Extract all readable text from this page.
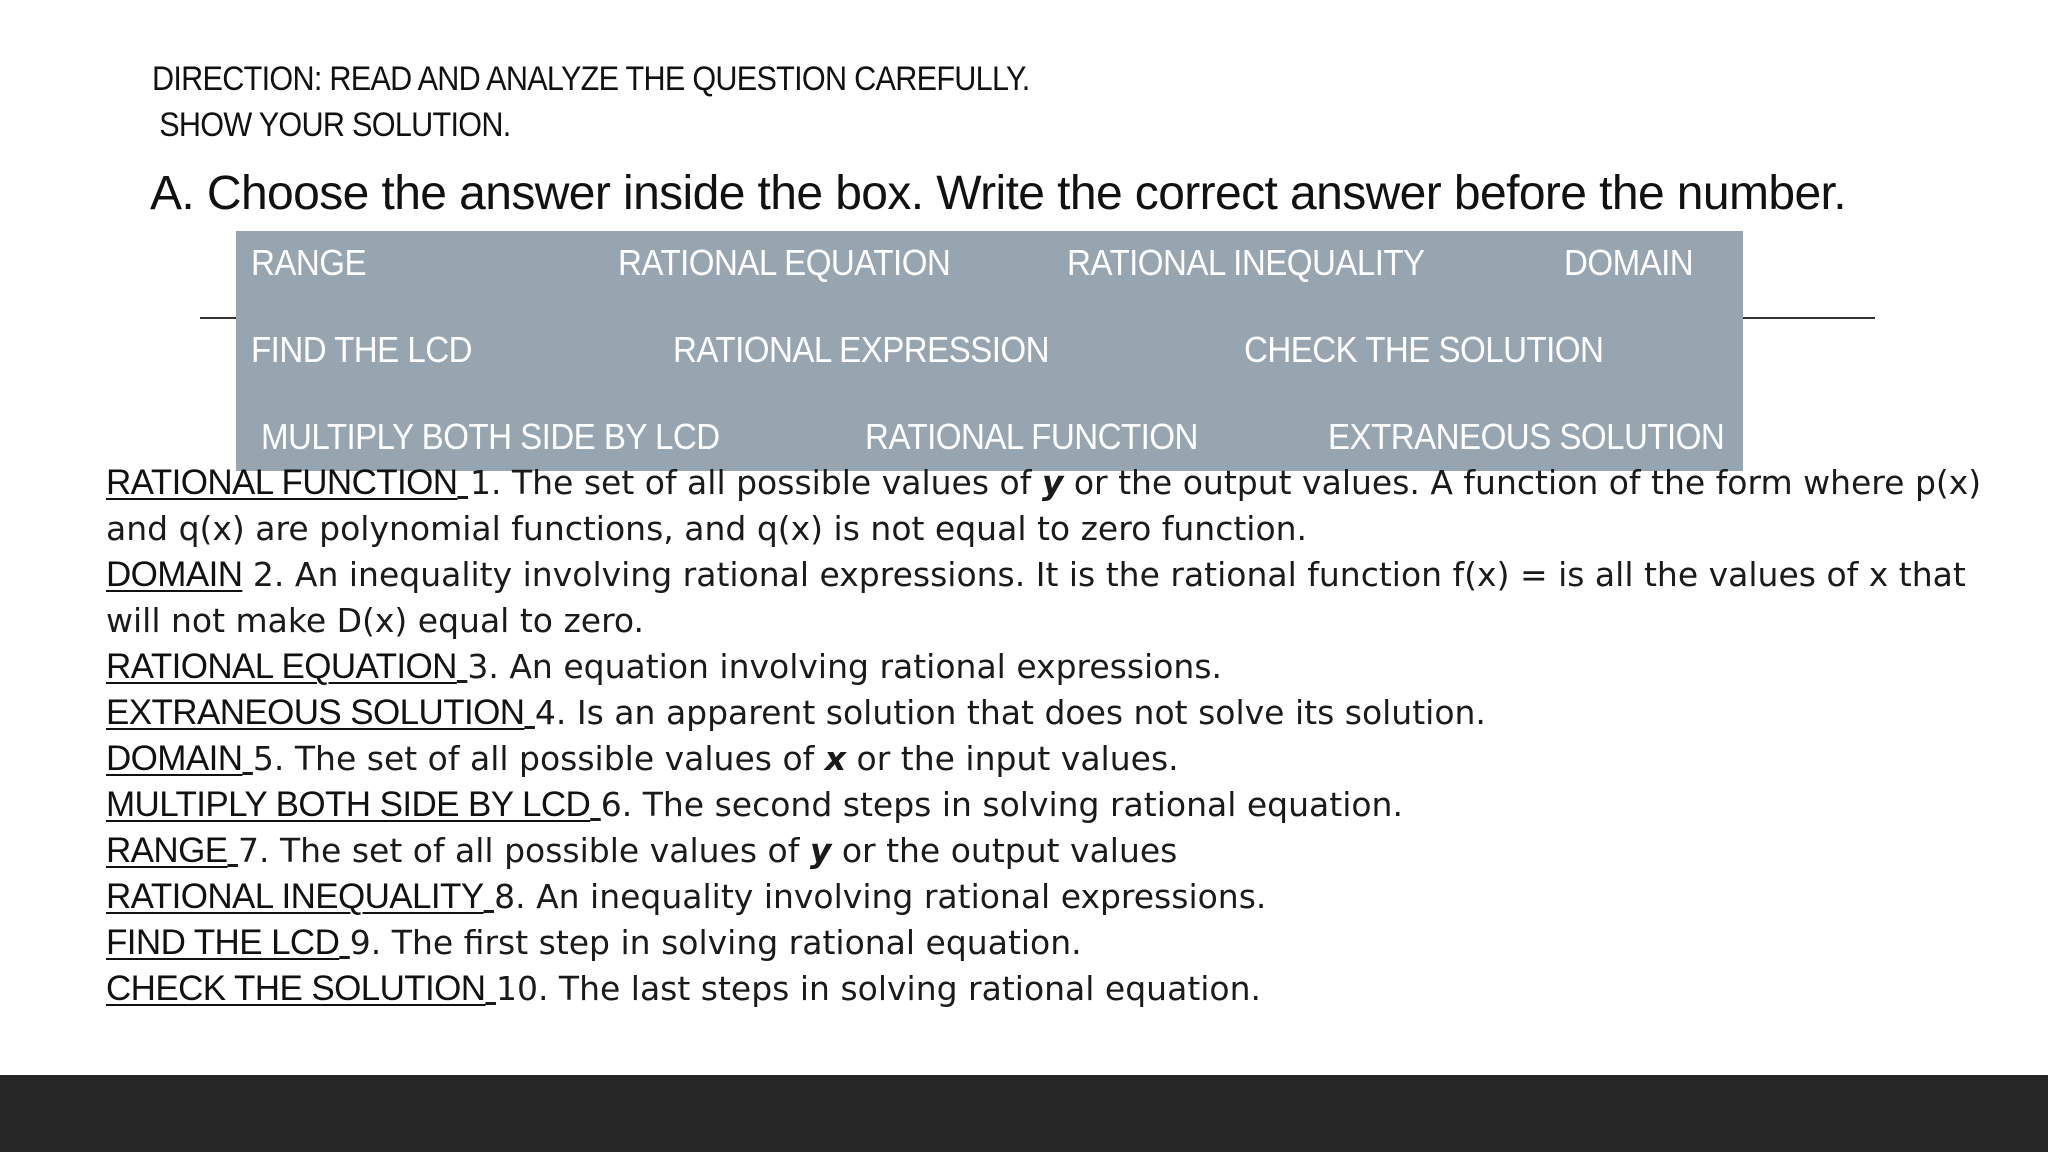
DIRECTION: READ AND ANALYZE THE QUESTION CAREFULLY.
SHOW YOUR SOLUTION.
A. Choose the answer inside the box. Write the correct answer before the number.
RANGE	RATIONAL EQUATION	RATIONAL INEQUALITY	DOMAIN
FIND THE LCD	RATIONAL EXPRESSION	CHECK THE SOLUTION
MULTIPLY BOTH SIDE BY LCD	RATIONAL FUNCTION	EXTRANEOUS SOLUTION

RATIONAL FUNCTION 1. The set of all possible values of y or the output values. A function of the form where p(x) and q(x) are polynomial functions, and q(x) is not equal to zero function.

DOMAIN 2. An inequality involving rational expressions. It is the rational function f(x) = is all the values of x that will not make D(x) equal to zero.

RATIONAL EQUATION 3. An equation involving rational expressions.

EXTRANEOUS SOLUTION 4. Is an apparent solution that does not solve its solution.

DOMAIN 5. The set of all possible values of x or the input values.

MULTIPLY BOTH SIDE BY LCD 6. The second steps in solving rational equation.

RANGE 7. The set of all possible values of y or the output values

RATIONAL INEQUALITY 8. An inequality involving rational expressions.

FIND THE LCD 9. The first step in solving rational equation.

CHECK THE SOLUTION 10. The last steps in solving rational equation.
